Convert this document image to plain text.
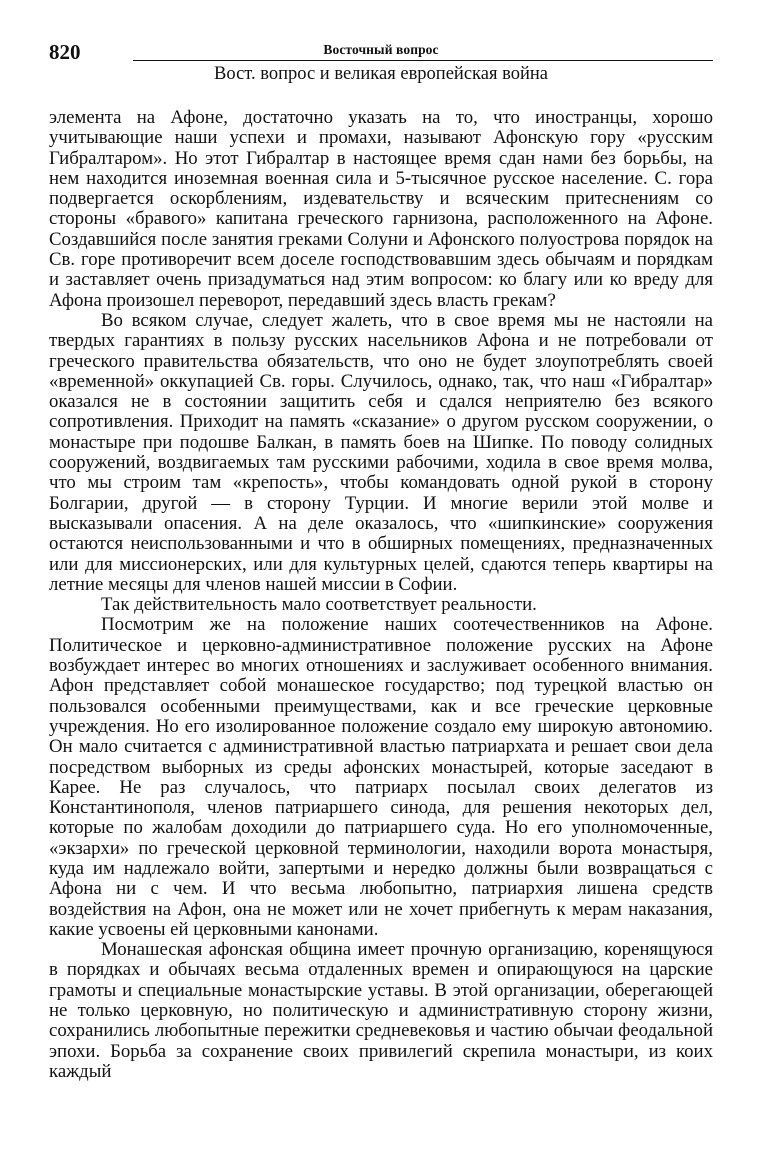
820	Восточный вопрос
Вост. вопрос и великая европейская война

элемента на Афоне, достаточно указать на то, что иностранцы, хорошо учитывающие наши успехи и промахи, называют Афонскую гору «русским Гибралтаром». Но этот Гибралтар в настоящее время сдан нами без борьбы, на нем находится иноземная военная сила и 5-тысячное русское население. С. гора подвергается оскорблениям, издевательству и всяческим притеснениям со стороны «бравого» капитана греческого гарнизона, расположенного на Афоне. Создавшийся после занятия греками Солуни и Афонского полуострова порядок на Св. горе противоречит всем доселе господствовавшим здесь обычаям и порядкам и заставляет очень призадуматься над этим вопросом: ко благу или ко вреду для Афона произошел переворот, передавший здесь власть грекам?

Во всяком случае, следует жалеть, что в свое время мы не настояли на твердых гарантиях в пользу русских насельников Афона и не потребовали от греческого правительства обязательств, что оно не будет злоупотреблять своей «временной» оккупацией Св. горы. Случилось, однако, так, что наш «Гибралтар» оказался не в состоянии защитить себя и сдался неприятелю без всякого сопротивления. Приходит на память «сказание» о другом русском сооружении, о монастыре при подошве Балкан, в память боев на Шипке. По поводу солидных сооружений, воздвигаемых там русскими рабочими, ходила в свое время молва, что мы строим там «крепость», чтобы командовать одной рукой в сторону Болгарии, другой — в сторону Турции. И многие верили этой молве и высказывали опасения. А на деле оказалось, что «шипкинские» сооружения остаются неиспользованными и что в обширных помещениях, предназначенных или для миссионерских, или для культурных целей, сдаются теперь квартиры на летние месяцы для членов нашей миссии в Софии.

Так действительность мало соответствует реальности.

Посмотрим же на положение наших соотечественников на Афоне. Политическое и церковно-административное положение русских на Афоне возбуждает интерес во многих отношениях и заслуживает особенного внимания. Афон представляет собой монашеское государство; под турецкой властью он пользовался особенными преимуществами, как и все греческие церковные учреждения. Но его изолированное положение создало ему широкую автономию. Он мало считается с административной властью патриархата и решает свои дела посредством выборных из среды афонских монастырей, которые заседают в Карее. Не раз случалось, что патриарх посылал своих делегатов из Константинополя, членов патриаршего синода, для решения некоторых дел, которые по жалобам доходили до патриаршего суда. Но его уполномоченные, «экзархи» по греческой церковной терминологии, находили ворота монастыря, куда им надлежало войти, запертыми и нередко должны были возвращаться с Афона ни с чем. И что весьма любопытно, патриархия лишена средств воздействия на Афон, она не может или не хочет прибегнуть к мерам наказания, какие усвоены ей церковными канонами.

Монашеская афонская община имеет прочную организацию, коренящуюся в порядках и обычаях весьма отдаленных времен и опирающуюся на царские грамоты и специальные монастырские уставы. В этой организации, оберегающей не только церковную, но политическую и административную сторону жизни, сохранились любопытные пережитки средневековья и частию обычаи феодальной эпохи. Борьба за сохранение своих привилегий скрепила монастыри, из коих каждый
